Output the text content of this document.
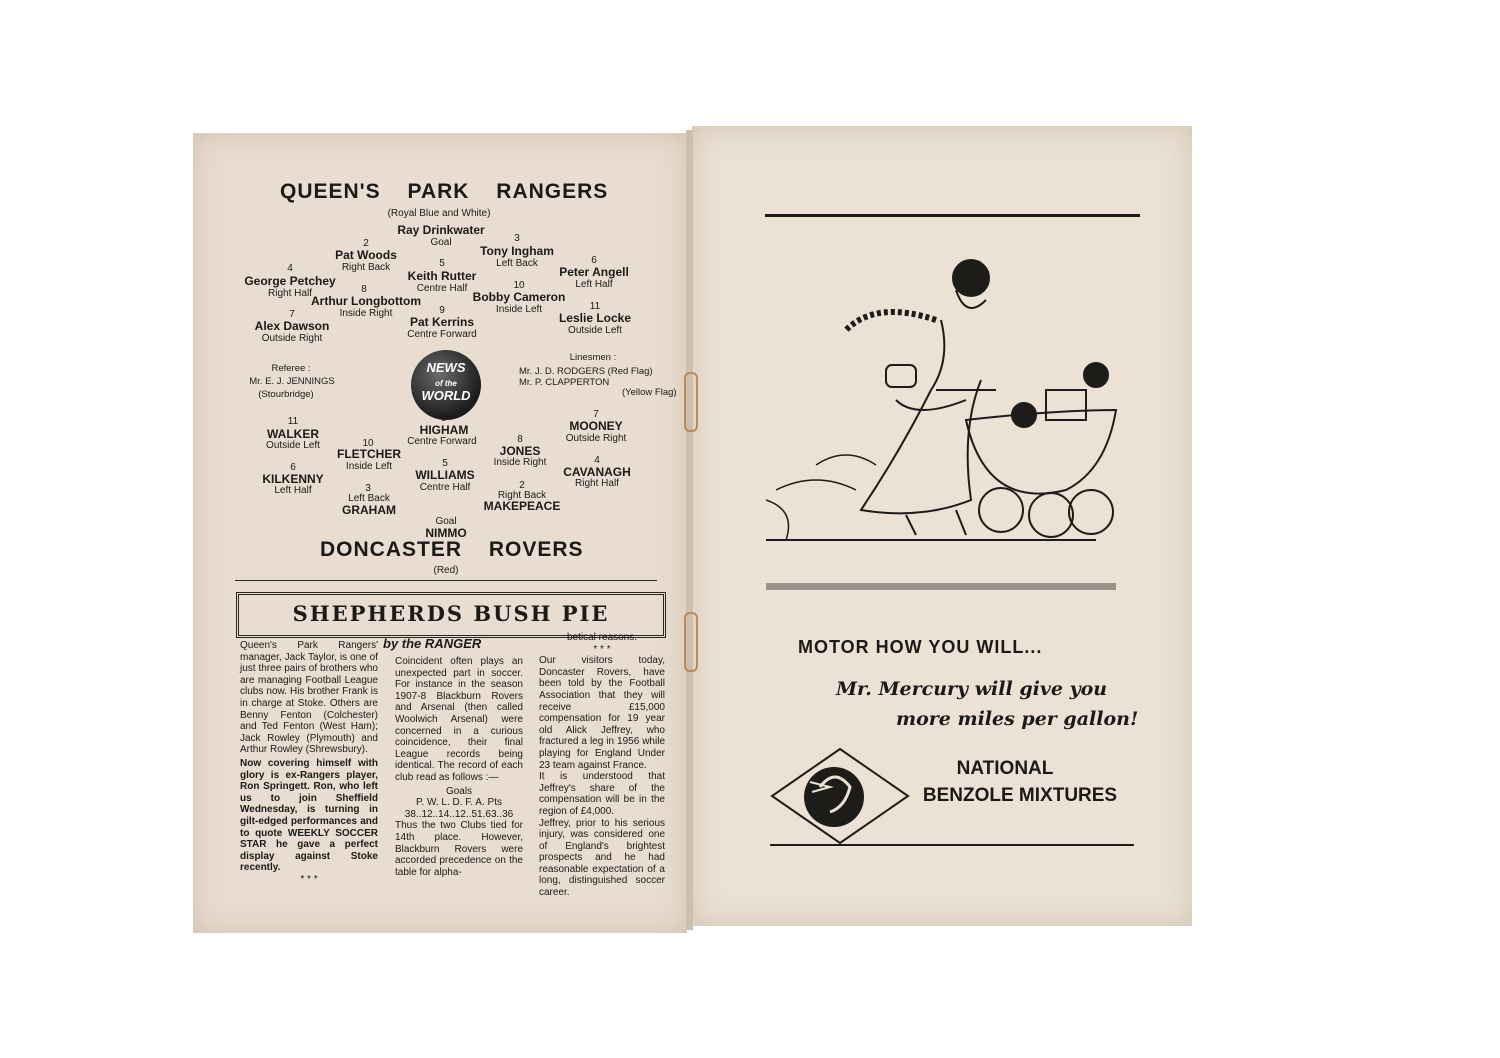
QUEEN'S PARK RANGERS
(Royal Blue and White)
Ray Drinkwater
Goal
2
Pat Woods
Right Back
3
Tony Ingham
Left Back
4
George Petchey
Right Half
5
Keith Rutter
Centre Half
6
Peter Angell
Left Half
8
Arthur Longbottom
Inside Right
10
Bobby Cameron
Inside Left
7
Alex Dawson
Outside Right
9
Pat Kerrins
Centre Forward
11
Leslie Locke
Outside Left
Referee :
Mr. E. J. JENNINGS
(Stourbridge)
Linesmen :
Mr. J. D. RODGERS (Red Flag)
Mr. P. CLAPPERTON
(Yellow Flag)
NEWS
of the
WORLD
11
WALKER
Outside Left
9
HIGHAM
Centre Forward
7
MOONEY
Outside Right
10
FLETCHER
Inside Left
8
JONES
Inside Right
6
KILKENNY
Left Half
5
WILLIAMS
Centre Half
4
CAVANAGH
Right Half
3
Left Back
GRAHAM
2
Right Back
MAKEPEACE
Goal
NIMMO
DONCASTER ROVERS
(Red)
SHEPHERDS BUSH PIE

Queen's Park Rangers' manager, Jack Taylor, is one of just three pairs of brothers who are managing Football League clubs now. His brother Frank is in charge at Stoke. Others are Benny Fenton (Colchester) and Ted Fenton (West Ham); Jack Rowley (Plymouth) and Arthur Rowley (Shrewsbury).

Now covering himself with glory is ex-Rangers player, Ron Springett. Ron, who left us to join Sheffield Wednesday, is turning in gilt-edged performances and to quote WEEKLY SOCCER STAR he gave a perfect display against Stoke recently.

* * *

by the RANGER

Coincident often plays an unexpected part in soccer. For instance in the season 1907-8 Blackburn Rovers and Arsenal (then called Woolwich Arsenal) were concerned in a curious coincidence, their final League records being identical. The record of each club read as follows :—

Goals

P. W. L. D. F. A. Pts

38..12..14..12..51.63..36

Thus the two Clubs tied for 14th place. However, Blackburn Rovers were accorded precedence on the table for alpha-

betical reasons.

* * *

Our visitors today, Doncaster Rovers, have been told by the Football Association that they will receive £15,000 compensation for 19 year old Alick Jeffrey, who fractured a leg in 1956 while playing for England Under 23 team against France.

It is understood that Jeffrey's share of the compensation will be in the region of £4,000.

Jeffrey, prior to his serious injury, was considered one of England's brightest prospects and he had reasonable expectation of a long, distinguished soccer career.

MOTOR HOW YOU WILL...
Mr. Mercury will give you
more miles per gallon!
NATIONAL
BENZOLE MIXTURES
